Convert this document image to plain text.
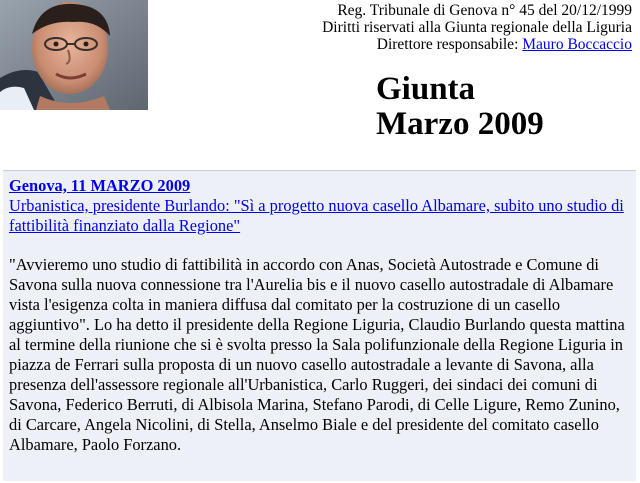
Reg. Tribunale di Genova n° 45 del 20/12/1999
Diritti riservati alla Giunta regionale della Liguria
Direttore responsabile: Mauro Boccaccio
Giunta
Marzo 2009
Genova, 11 MARZO 2009
Urbanistica, presidente Burlando: "Sì a progetto nuova casello Albamare, subito uno studio di fattibilità finanziato dalla Regione"
"Avvieremo uno studio di fattibilità in accordo con Anas, Società Autostrade e Comune di Savona sulla nuova connessione tra l'Aurelia bis e il nuovo casello autostradale di Albamare vista l'esigenza colta in maniera diffusa dal comitato per la costruzione di un casello aggiuntivo". Lo ha detto il presidente della Regione Liguria, Claudio Burlando questa mattina al termine della riunione che si è svolta presso la Sala polifunzionale della Regione Liguria in piazza de Ferrari sulla proposta di un nuovo casello autostradale a levante di Savona, alla presenza dell'assessore regionale all'Urbanistica, Carlo Ruggeri, dei sindaci dei comuni di Savona, Federico Berruti, di Albisola Marina, Stefano Parodi, di Celle Ligure, Remo Zunino, di Carcare, Angela Nicolini, di Stella, Anselmo Biale e del presidente del comitato casello Albamare, Paolo Forzano.
